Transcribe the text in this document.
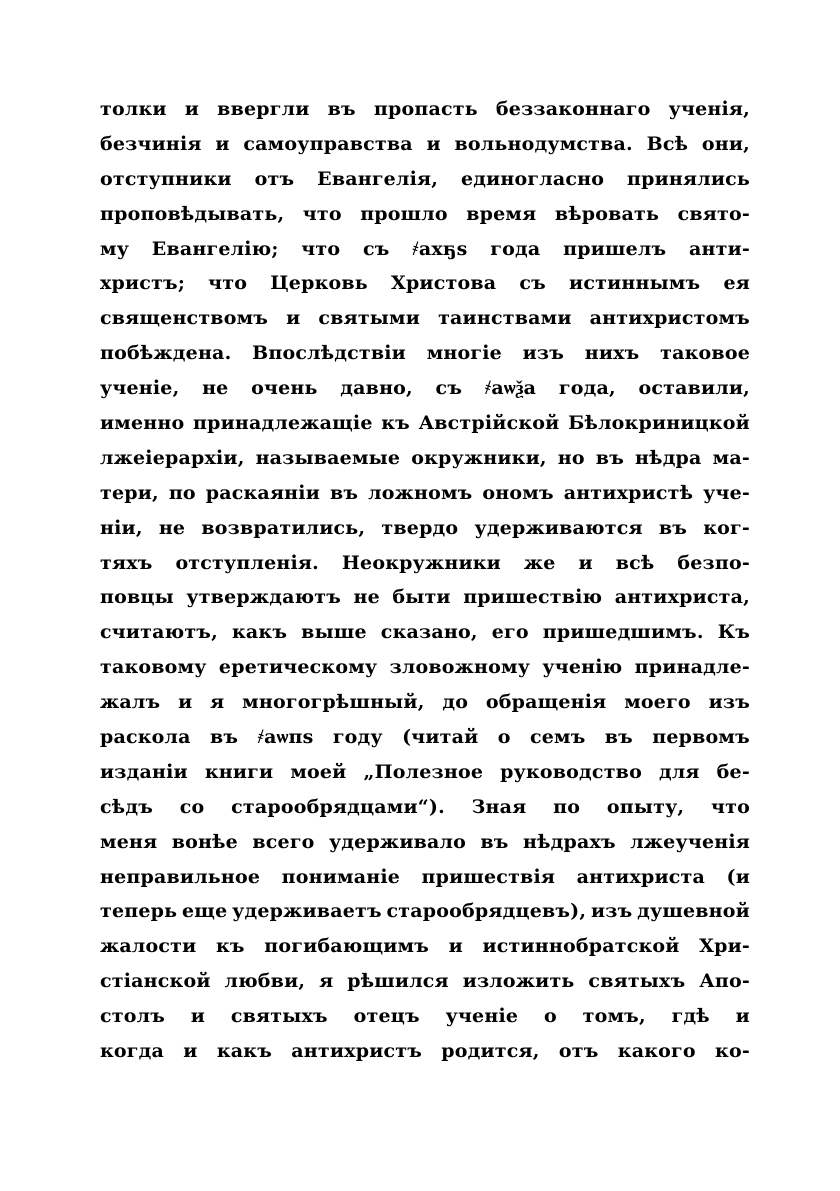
толки и ввергли въ пропасть беззаконнаго ученія,
безчинія и самоуправства и вольнодумства. Всѣ они,
отступники отъ Евангелія, единогласно принялись
проповѣдывать, что прошло время вѣровать свято-
му Евангелію; что съ ҂ахҕѕ года пришелъ анти-
христъ; что Церковь Христова съ истиннымъ ея
священствомъ и святыми таинствами антихристомъ
побѣждена. Впослѣдствіи многіе изъ нихъ таковое
ученіе, не очень давно, съ ҂аѡѯа года, оставили,
именно принадлежащіе къ Австрійской Бѣлокриницкой
лжеіерархіи, называемые окружники, но въ нѣдра ма-
тери, по раскаяніи въ ложномъ ономъ антихристѣ уче-
ніи, не возвратились, твердо удерживаются въ ког-
тяхъ отступленія. Неокружники же и всѣ безпо-
повцы утверждаютъ не быти пришествію антихриста,
считаютъ, какъ выше сказано, его пришедшимъ. Къ
таковому еретическому зловожному ученію принадле-
жалъ и я многогрѣшный, до обращенія моего изъ
раскола въ ҂аѡпѕ году (читай о семъ въ первомъ
изданіи книги моей „Полезное руководство для бе-
сѣдъ со старообрядцами“). Зная по опыту, что
меня вонѣе всего удерживало въ нѣдрахъ лжеученія
неправильное пониманіе пришествія антихриста (и
теперь еще удерживаетъ старообрядцевъ), изъ душевной
жалости къ погибающимъ и истиннобратской Хри-
стіанской любви, я рѣшился изложить святыхъ Апо-
столъ и святыхъ отецъ ученіе о томъ, гдѣ и
когда и какъ антихристъ родится, отъ какого ко-
